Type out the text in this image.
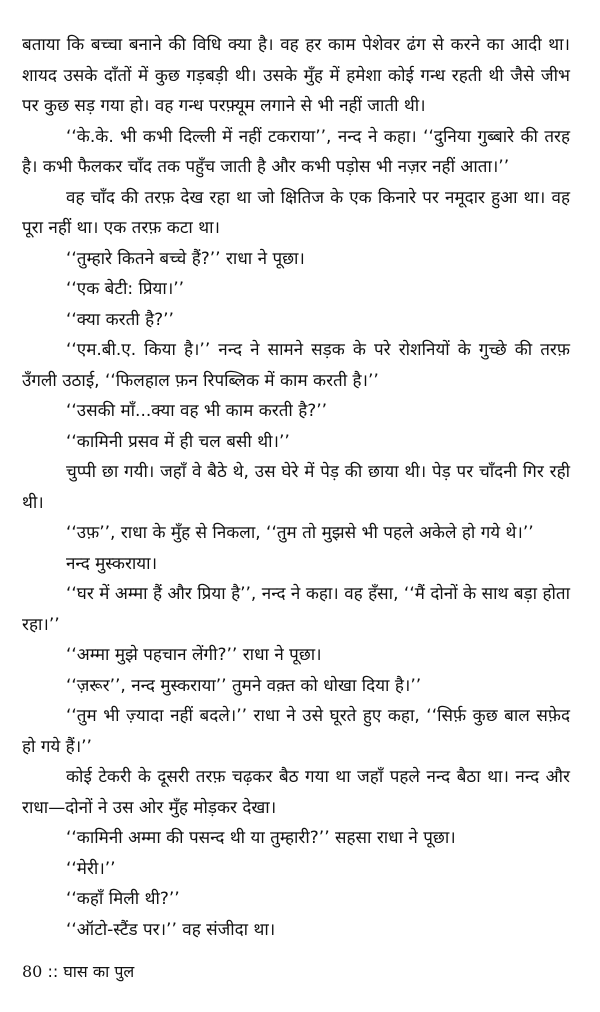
बताया कि बच्चा बनाने की विधि क्या है। वह हर काम पेशेवर ढंग से करने का आदी था। शायद उसके दाँतों में कुछ गड़बड़ी थी। उसके मुँह में हमेशा कोई गन्ध रहती थी जैसे जीभ पर कुछ सड़ गया हो। वह गन्ध परफ़्यूम लगाने से भी नहीं जाती थी।

‘‘के.के. भी कभी दिल्ली में नहीं टकराया’’, नन्द ने कहा। ‘‘दुनिया गुब्बारे की तरह है। कभी फैलकर चाँद तक पहुँच जाती है और कभी पड़ोस भी नज़र नहीं आता।’’

वह चाँद की तरफ़ देख रहा था जो क्षितिज के एक किनारे पर नमूदार हुआ था। वह पूरा नहीं था। एक तरफ़ कटा था।

‘‘तुम्हारे कितने बच्चे हैं?’’ राधा ने पूछा।

‘‘एक बेटी: प्रिया।’’

‘‘क्या करती है?’’

‘‘एम.बी.ए. किया है।’’ नन्द ने सामने सड़क के परे रोशनियों के गुच्छे की तरफ़ उँगली उठाई, ‘‘फिलहाल फ़न रिपब्लिक में काम करती है।’’

‘‘उसकी माँ...क्या वह भी काम करती है?’’

‘‘कामिनी प्रसव में ही चल बसी थी।’’

चुप्पी छा गयी। जहाँ वे बैठे थे, उस घेरे में पेड़ की छाया थी। पेड़ पर चाँदनी गिर रही थी।

‘‘उफ़’’, राधा के मुँह से निकला, ‘‘तुम तो मुझसे भी पहले अकेले हो गये थे।’’

नन्द मुस्कराया।

‘‘घर में अम्मा हैं और प्रिया है’’, नन्द ने कहा। वह हँसा, ‘‘मैं दोनों के साथ बड़ा होता रहा।’’

‘‘अम्मा मुझे पहचान लेंगी?’’ राधा ने पूछा।

‘‘ज़रूर’’, नन्द मुस्कराया’’ तुमने वक़्त को धोखा दिया है।’’

‘‘तुम भी ज़्यादा नहीं बदले।’’ राधा ने उसे घूरते हुए कहा, ‘‘सिर्फ़ कुछ बाल सफ़ेद हो गये हैं।’’

कोई टेकरी के दूसरी तरफ़ चढ़कर बैठ गया था जहाँ पहले नन्द बैठा था। नन्द और राधा—दोनों ने उस ओर मुँह मोड़कर देखा।

‘‘कामिनी अम्मा की पसन्द थी या तुम्हारी?’’ सहसा राधा ने पूछा।

‘‘मेरी।’’

‘‘कहाँ मिली थी?’’

‘‘ऑटो-स्टैंड पर।’’ वह संजीदा था।

80 :: घास का पुल
